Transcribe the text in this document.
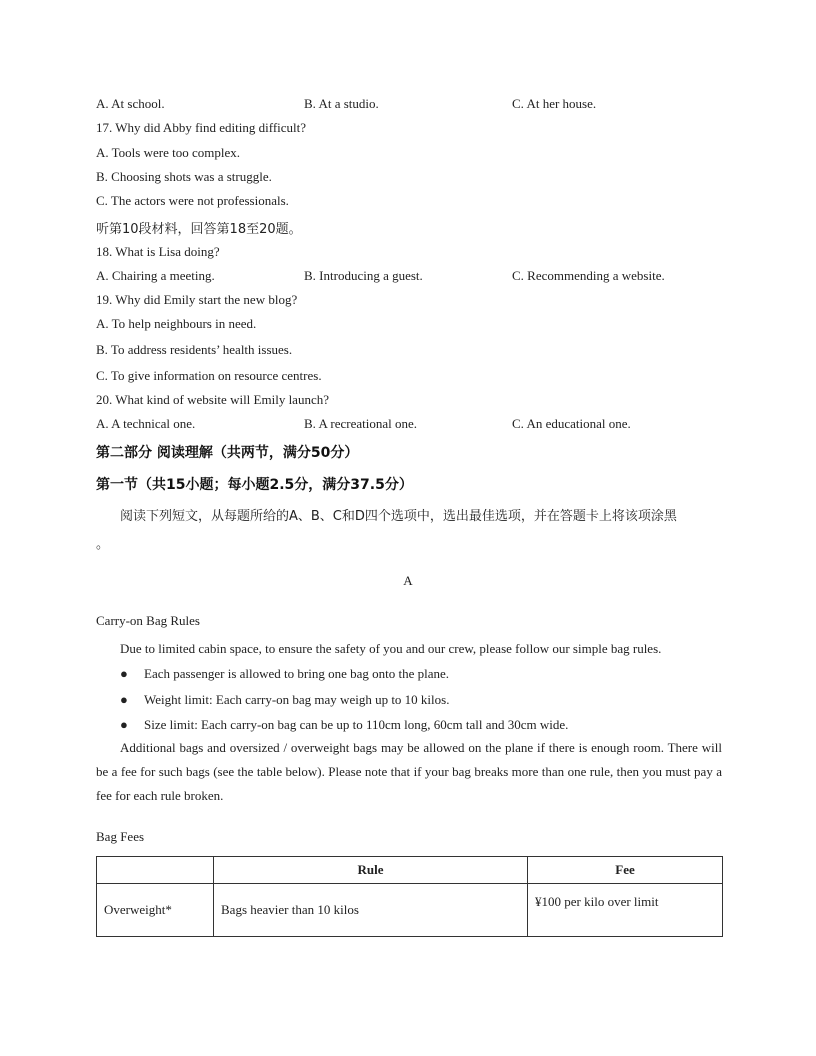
A. At school.	B. At a studio.	C. At her house.
17. Why did Abby find editing difficult?
A. Tools were too complex.
B. Choosing shots was a struggle.
C. The actors were not professionals.
听第10段材料，回答第18至20题。
18. What is Lisa doing?
A. Chairing a meeting.	B. Introducing a guest.	C. Recommending a website.
19. Why did Emily start the new blog?
A. To help neighbours in need.
B. To address residents’ health issues.
C. To give information on resource centres.
20. What kind of website will Emily launch?
A. A technical one.	B. A recreational one.	C. An educational one.
第二部分 阅读理解（共两节，满分50分）
第一节（共15小题；每小题2.5分，满分37.5分）
阅读下列短文，从每题所给的A、B、C和D四个选项中，选出最佳选项，并在答题卡上将该项涂黑
。
A
Carry-on Bag Rules
Due to limited cabin space, to ensure the safety of you and our crew, please follow our simple bag rules.
● Each passenger is allowed to bring one bag onto the plane.
● Weight limit: Each carry-on bag may weigh up to 10 kilos.
● Size limit: Each carry-on bag can be up to 110cm long, 60cm tall and 30cm wide.
Additional bags and oversized / overweight bags may be allowed on the plane if there is enough room. There will be a fee for such bags (see the table below). Please note that if your bag breaks more than one rule, then you must pay a fee for each rule broken.
Bag Fees
	Rule	Fee
Overweight*	Bags heavier than 10 kilos	¥100 per kilo over limit
